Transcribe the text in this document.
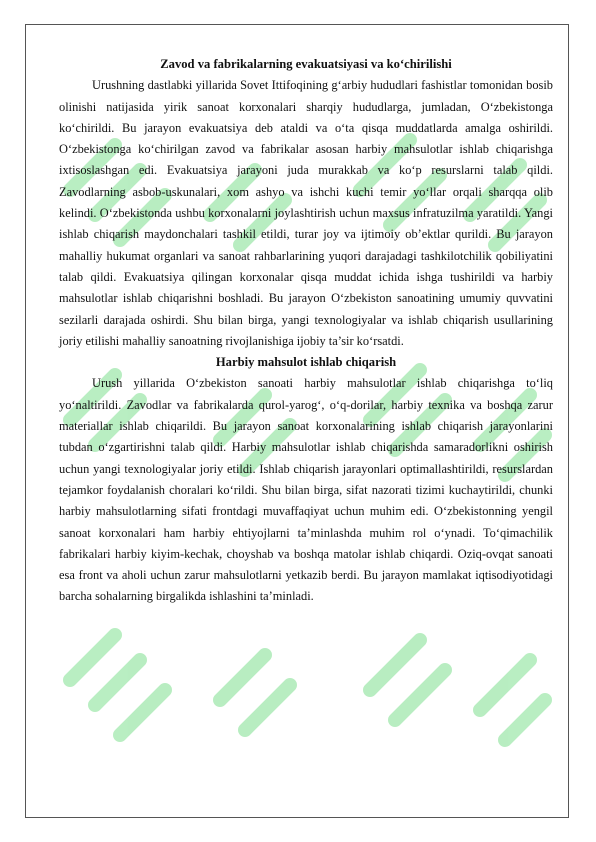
Zavod va fabrikalarning evakuatsiyasi va ko‘chirilishi

Urushning dastlabki yillarida Sovet Ittifoqining g‘arbiy hududlari fashistlar tomonidan bosib olinishi natijasida yirik sanoat korxonalari sharqiy hududlarga, jumladan, O‘zbekistonga ko‘chirildi. Bu jarayon evakuatsiya deb ataldi va o‘ta qisqa muddatlarda amalga oshirildi. O‘zbekistonga ko‘chirilgan zavod va fabrikalar asosan harbiy mahsulotlar ishlab chiqarishga ixtisoslashgan edi. Evakuatsiya jarayoni juda murakkab va ko‘p resurslarni talab qildi. Zavodlarning asbob-uskunalari, xom ashyo va ishchi kuchi temir yo‘llar orqali sharqqa olib kelindi. O‘zbekistonda ushbu korxonalarni joylashtirish uchun maxsus infratuzilma yaratildi. Yangi ishlab chiqarish maydonchalari tashkil etildi, turar joy va ijtimoiy ob’ektlar qurildi. Bu jarayon mahalliy hukumat organlari va sanoat rahbarlarining yuqori darajadagi tashkilotchilik qobiliyatini talab qildi. Evakuatsiya qilingan korxonalar qisqa muddat ichida ishga tushirildi va harbiy mahsulotlar ishlab chiqarishni boshladi. Bu jarayon O‘zbekiston sanoatining umumiy quvvatini sezilarli darajada oshirdi. Shu bilan birga, yangi texnologiyalar va ishlab chiqarish usullarining joriy etilishi mahalliy sanoatning rivojlanishiga ijobiy ta’sir ko‘rsatdi.

Harbiy mahsulot ishlab chiqarish

Urush yillarida O‘zbekiston sanoati harbiy mahsulotlar ishlab chiqarishga to‘liq yo‘naltirildi. Zavodlar va fabrikalarda qurol-yarog‘, o‘q-dorilar, harbiy texnika va boshqa zarur materiallar ishlab chiqarildi. Bu jarayon sanoat korxonalarining ishlab chiqarish jarayonlarini tubdan o‘zgartirishni talab qildi. Harbiy mahsulotlar ishlab chiqarishda samaradorlikni oshirish uchun yangi texnologiyalar joriy etildi. Ishlab chiqarish jarayonlari optimallashtirildi, resurslardan tejamkor foydalanish choralari ko‘rildi. Shu bilan birga, sifat nazorati tizimi kuchaytirildi, chunki harbiy mahsulotlarning sifati frontdagi muvaffaqiyat uchun muhim edi. O‘zbekistonning yengil sanoat korxonalari ham harbiy ehtiyojlarni ta’minlashda muhim rol o‘ynadi. To‘qimachilik fabrikalari harbiy kiyim-kechak, choyshab va boshqa matolar ishlab chiqardi. Oziq-ovqat sanoati esa front va aholi uchun zarur mahsulotlarni yetkazib berdi. Bu jarayon mamlakat iqtisodiyotidagi barcha sohalarning birgalikda ishlashini ta’minladi.
